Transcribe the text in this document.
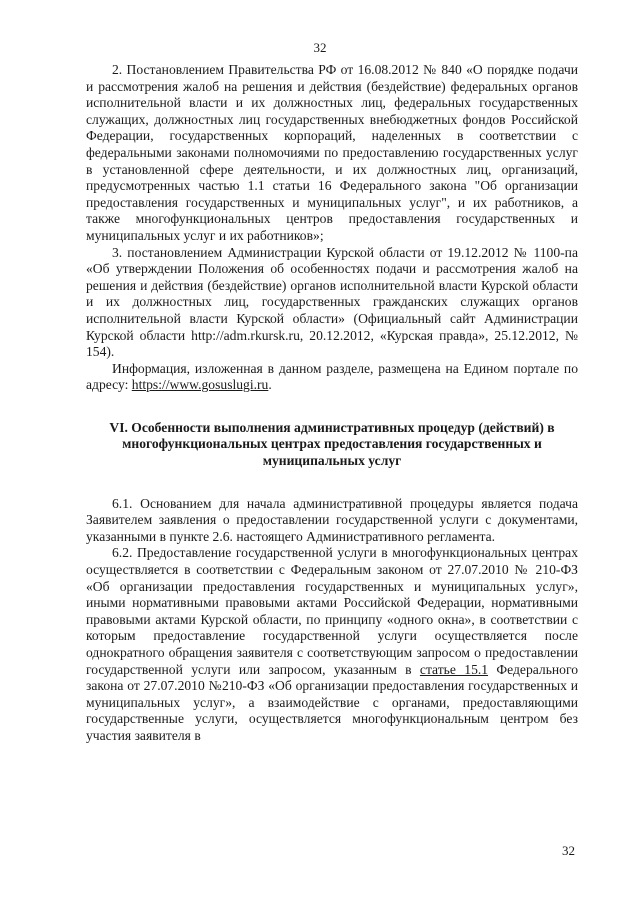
32

2. Постановлением Правительства РФ от 16.08.2012 № 840 «О порядке подачи и рассмотрения жалоб на решения и действия (бездействие) федеральных органов исполнительной власти и их должностных лиц, федеральных государственных служащих, должностных лиц государственных внебюджетных фондов Российской Федерации, государственных корпораций, наделенных в соответствии с федеральными законами полномочиями по предоставлению государственных услуг в установленной сфере деятельности, и их должностных лиц, организаций, предусмотренных частью 1.1 статьи 16 Федерального закона "Об организации предоставления государственных и муниципальных услуг", и их работников, а также многофункциональных центров предоставления государственных и муниципальных услуг и их работников»;

3. постановлением Администрации Курской области от 19.12.2012 № 1100-па «Об утверждении Положения об особенностях подачи и рассмотрения жалоб на решения и действия (бездействие) органов исполнительной власти Курской области и их должностных лиц, государственных гражданских служащих органов исполнительной власти Курской области» (Официальный сайт Администрации Курской области http://adm.rkursk.ru, 20.12.2012, «Курская правда», 25.12.2012, № 154).

Информация, изложенная в данном разделе, размещена на Едином портале по адресу: https://www.gosuslugi.ru.

VI. Особенности выполнения административных процедур (действий) в многофункциональных центрах предоставления государственных и муниципальных услуг

6.1. Основанием для начала административной процедуры является подача Заявителем заявления о предоставлении государственной услуги с документами, указанными в пункте 2.6. настоящего Административного регламента.

6.2. Предоставление государственной услуги в многофункциональных центрах осуществляется в соответствии с Федеральным законом от 27.07.2010 № 210-ФЗ «Об организации предоставления государственных и муниципальных услуг», иными нормативными правовыми актами Российской Федерации, нормативными правовыми актами Курской области, по принципу «одного окна», в соответствии с которым предоставление государственной услуги осуществляется после однократного обращения заявителя с соответствующим запросом о предоставлении государственной услуги или запросом, указанным в статье 15.1 Федерального закона от 27.07.2010 №210-ФЗ «Об организации предоставления государственных и муниципальных услуг», а взаимодействие с органами, предоставляющими государственные услуги, осуществляется многофункциональным центром без участия заявителя в

32
